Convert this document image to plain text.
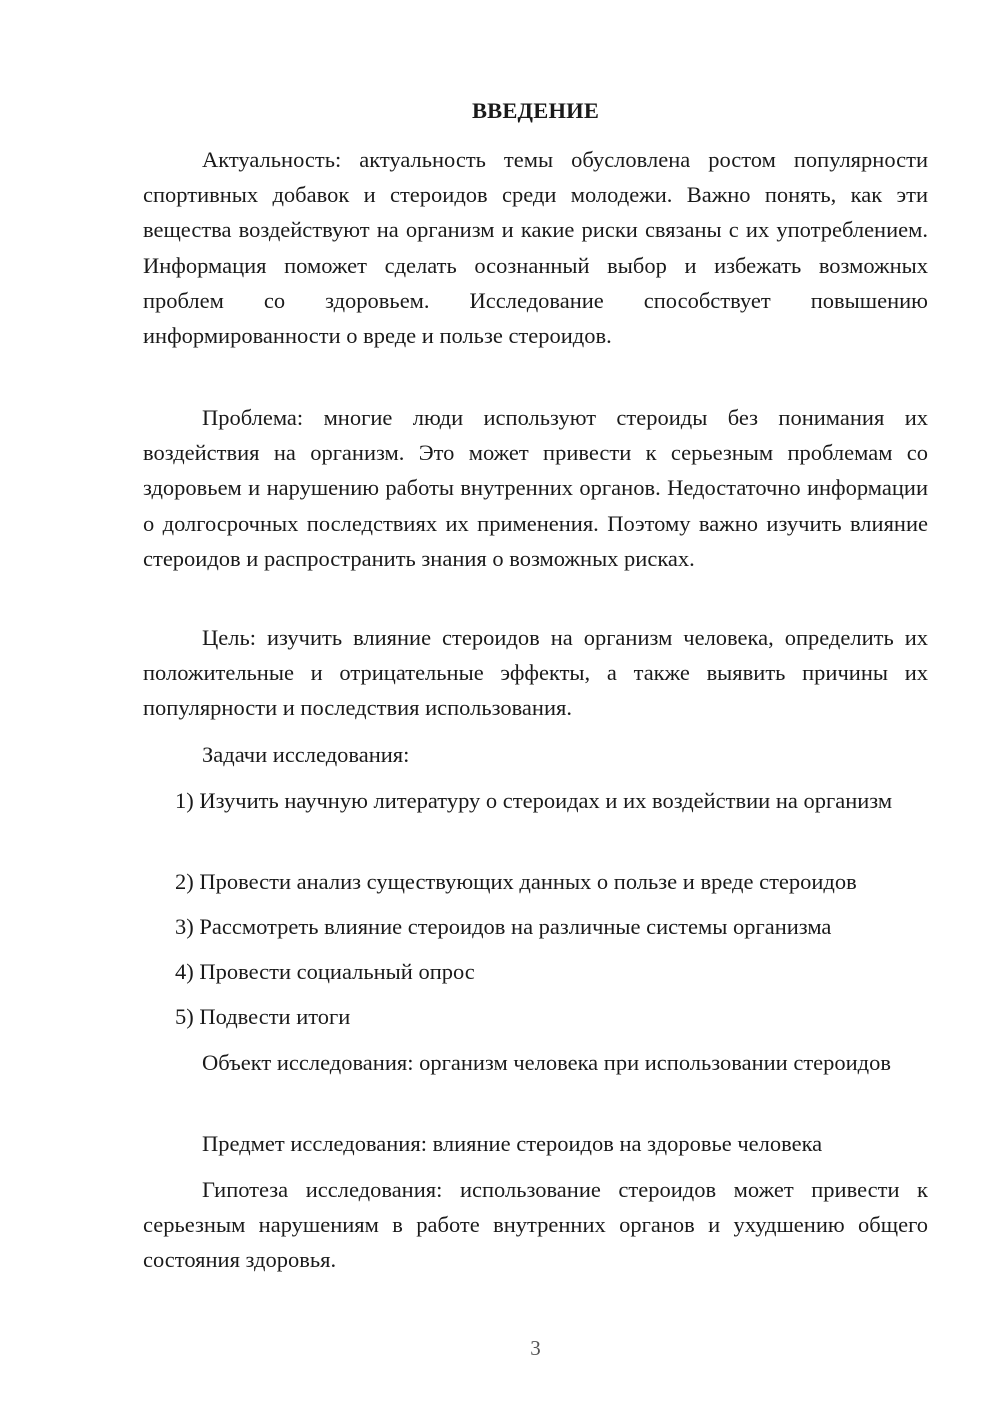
ВВЕДЕНИЕ

Актуальность: актуальность темы обусловлена ростом популярности спортивных добавок и стероидов среди молодежи. Важно понять, как эти вещества воздействуют на организм и какие риски связаны с их употреблением. Информация поможет сделать осознанный выбор и избежать возможных проблем со здоровьем. Исследование способствует повышению информированности о вреде и пользе стероидов.

Проблема: многие люди используют стероиды без понимания их воздействия на организм. Это может привести к серьезным проблемам со здоровьем и нарушению работы внутренних органов. Недостаточно информации о долгосрочных последствиях их применения. Поэтому важно изучить влияние стероидов и распространить знания о возможных рисках.

Цель: изучить влияние стероидов на организм человека, определить их положительные и отрицательные эффекты, а также выявить причины их популярности и последствия использования.

Задачи исследования:

1) Изучить научную литературу о стероидах и их воздействии на организм

2) Провести анализ существующих данных о пользе и вреде стероидов

3) Рассмотреть влияние стероидов на различные системы организма

4) Провести социальный опрос

5) Подвести итоги

Объект исследования: организм человека при использовании стероидов

Предмет исследования: влияние стероидов на здоровье человека

Гипотеза исследования: использование стероидов может привести к серьезным нарушениям в работе внутренних органов и ухудшению общего состояния здоровья.

3
